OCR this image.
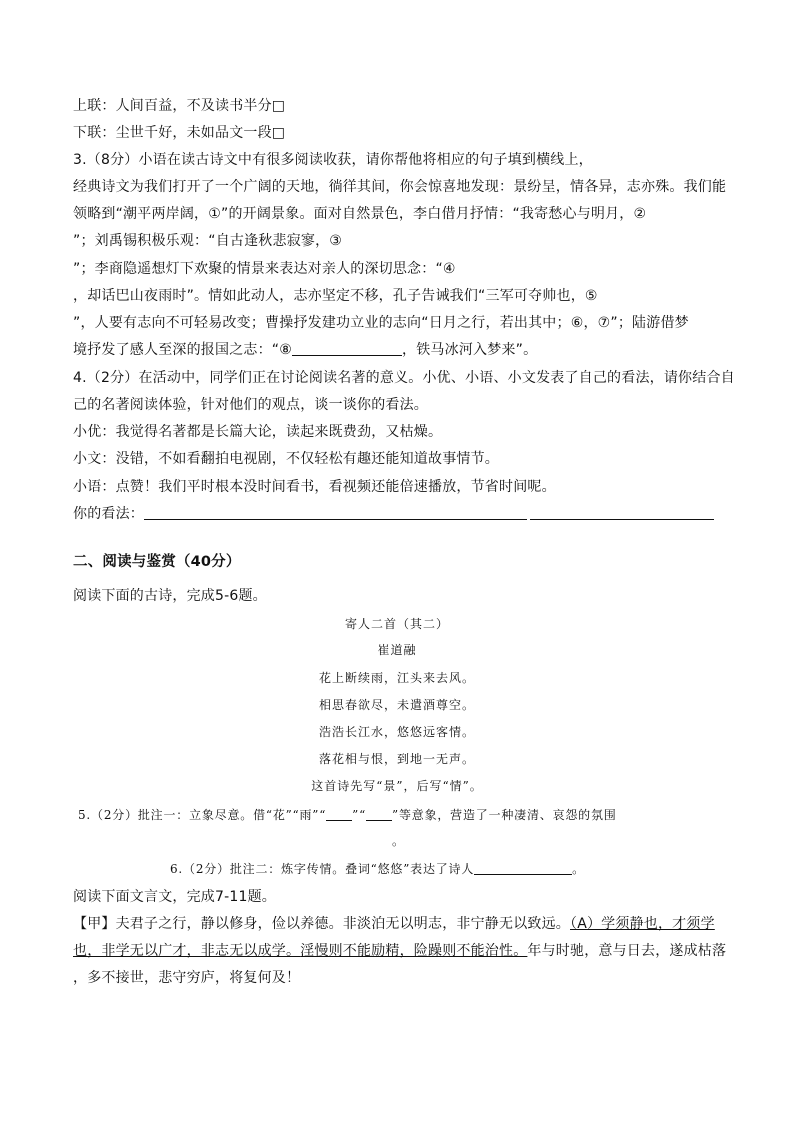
上联：人间百益，不及读书半分□
下联：尘世千好，未如品文一段□
3.（8分）小语在读古诗文中有很多阅读收获，请你帮他将相应的句子填到横线上，
经典诗文为我们打开了一个广阔的天地，徜徉其间，你会惊喜地发现：景纷呈，情各异，志亦殊。我们能
领略到“潮平两岸阔，①”的开阔景象。面对自然景色，李白借月抒情：“我寄愁心与明月，②
”；刘禹锡积极乐观：“自古逢秋悲寂寥，③
”；李商隐遥想灯下欢聚的情景来表达对亲人的深切思念：“④
，却话巴山夜雨时”。情如此动人，志亦坚定不移，孔子告诫我们“三军可夺帅也，⑤
”，人要有志向不可轻易改变；曹操抒发建功立业的志向“日月之行，若出其中；⑥，⑦”；陆游借梦
境抒发了感人至深的报国之志：“⑧	，铁马冰河入梦来”。
4.（2分）在活动中，同学们正在讨论阅读名著的意义。小优、小语、小文发表了自己的看法，请你结合自
己的名著阅读体验，针对他们的观点，谈一谈你的看法。
小优：我觉得名著都是长篇大论，读起来既费劲，又枯燥。
小文：没错，不如看翻拍电视剧，不仅轻松有趣还能知道故事情节。
小语：点赞！我们平时根本没时间看书，看视频还能倍速播放，节省时间呢。
你的看法：
二、阅读与鉴赏（40分）
阅读下面的古诗，完成5-6题。
寄人二首（其二）
崔道融
花上断续雨，江头来去风。
相思春欲尽，未遣酒尊空。
浩浩长江水，悠悠远客情。
落花相与恨，到地一无声。
这首诗先写“景”，后写“情”。
5.（2分）批注一：立象尽意。借“花”“雨”“ ”“ ”等意象，营造了一种凄清、哀怨的氛围
。
6.（2分）批注二：炼字传情。叠词“悠悠”表达了诗人	。
阅读下面文言文，完成7-11题。
【甲】夫君子之行，静以修身，俭以养德。非淡泊无以明志，非宁静无以致远。（A）学须静也，才须学
也，非学无以广才，非志无以成学。淫慢则不能励精，险躁则不能治性。年与时驰，意与日去，遂成枯落
，多不接世，悲守穷庐，将复何及！
